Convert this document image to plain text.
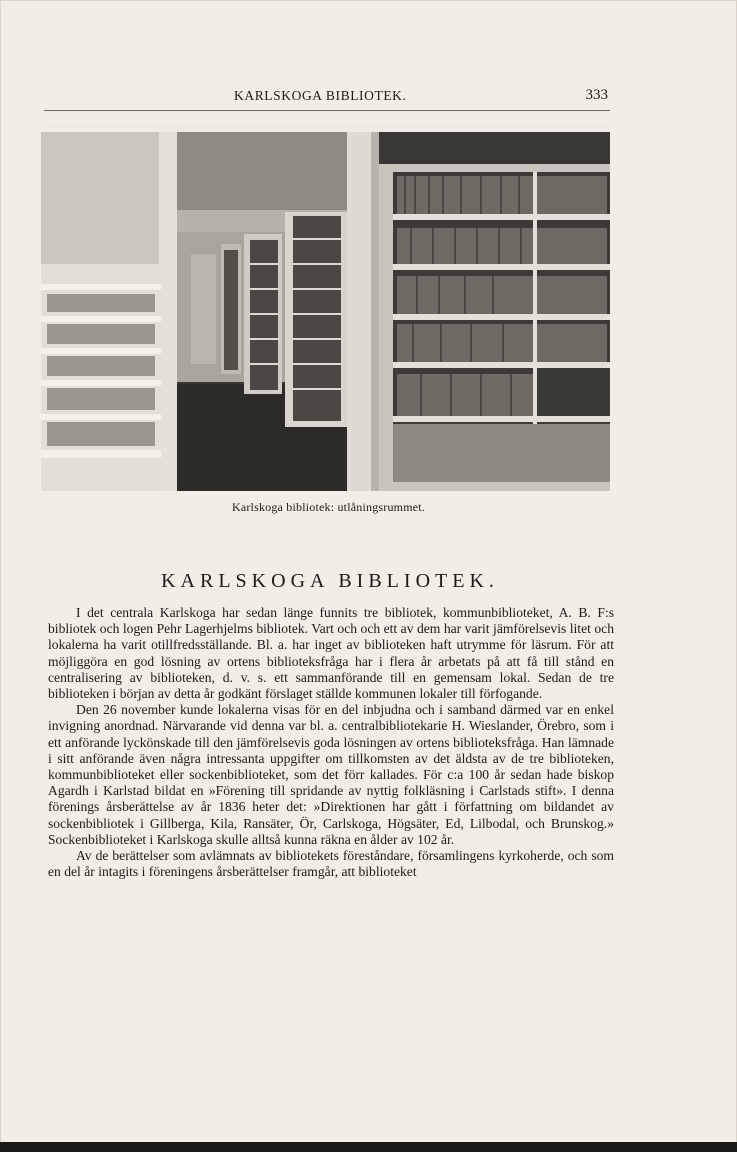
KARLSKOGA BIBLIOTEK.	333
Karlskoga bibliotek: utlåningsrummet.
KARLSKOGA BIBLIOTEK.

I det centrala Karlskoga har sedan länge funnits tre bibliotek, kommunbiblioteket, A. B. F:s bibliotek och logen Pehr Lagerhjelms bibliotek. Vart och och ett av dem har varit jämförelsevis litet och lokalerna ha varit otillfredsställande. Bl. a. har inget av biblioteken haft utrymme för läsrum. För att möjliggöra en god lösning av ortens biblioteksfråga har i flera år arbetats på att få till stånd en centralisering av biblioteken, d. v. s. ett sammanförande till en gemensam lokal. Sedan de tre biblioteken i början av detta år godkänt förslaget ställde kommunen lokaler till förfogande.

Den 26 november kunde lokalerna visas för en del inbjudna och i samband därmed var en enkel invigning anordnad. Närvarande vid denna var bl. a. centralbibliotekarie H. Wieslander, Örebro, som i ett anförande lyckönskade till den jämförelsevis goda lösningen av ortens biblioteksfråga. Han lämnade i sitt anförande även några intressanta uppgifter om tillkomsten av det äldsta av de tre biblioteken, kommunbiblioteket eller sockenbiblioteket, som det förr kallades. För c:a 100 år sedan hade biskop Agardh i Karlstad bildat en »Förening till spridande av nyttig folkläsning i Carlstads stift». I denna förenings årsberättelse av år 1836 heter det: »Direktionen har gått i författning om bildandet av sockenbibliotek i Gillberga, Kila, Ransäter, Ör, Carlskoga, Högsäter, Ed, Lilbodal, och Brunskog.» Sockenbiblioteket i Karlskoga skulle alltså kunna räkna en ålder av 102 år.

Av de berättelser som avlämnats av bibliotekets föreståndare, församlingens kyrkoherde, och som en del år intagits i föreningens årsberättelser framgår, att biblioteket
